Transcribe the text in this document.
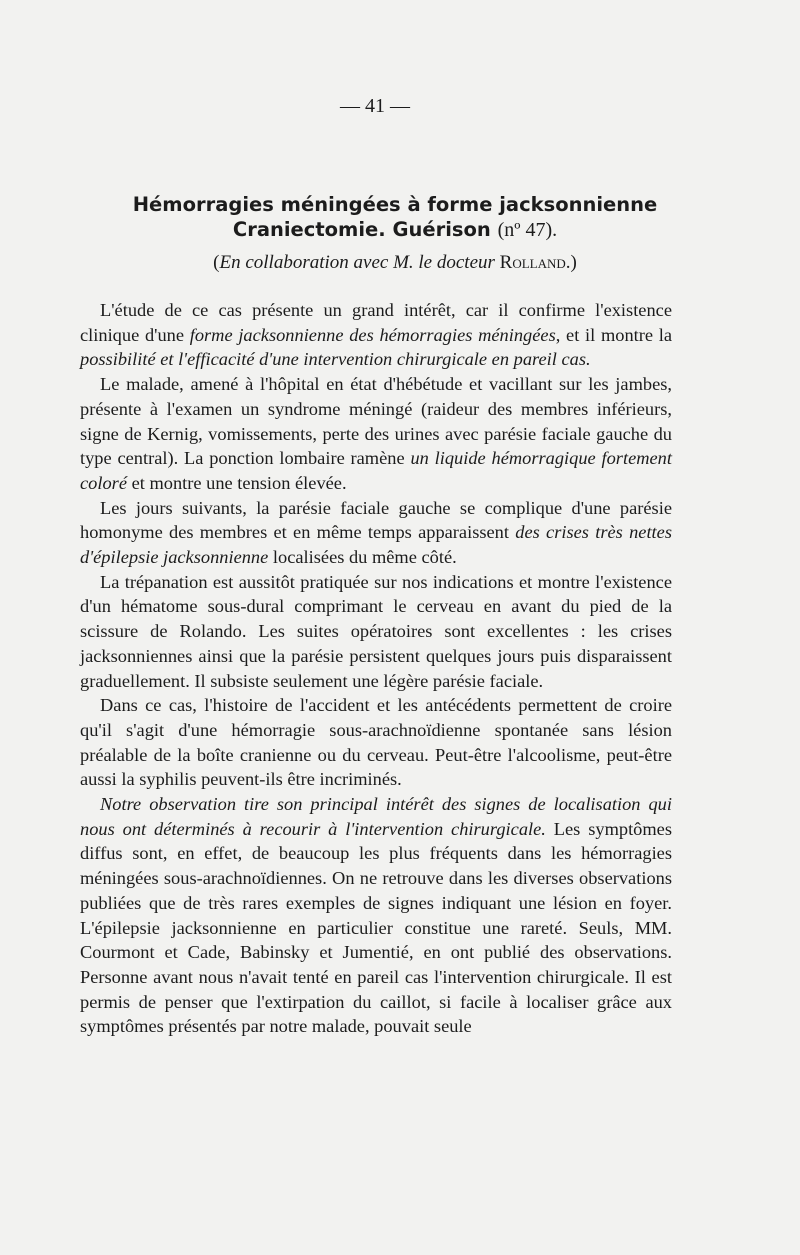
— 41 —
Hémorragies méningées à forme jacksonnienne
Craniectomie. Guérison (nº 47).
(En collaboration avec M. le docteur Rolland.)

L'étude de ce cas présente un grand intérêt, car il confirme l'existence clinique d'une forme jacksonnienne des hémorragies méningées, et il montre la possibilité et l'efficacité d'une intervention chirurgicale en pareil cas.

Le malade, amené à l'hôpital en état d'hébétude et vacillant sur les jambes, présente à l'examen un syndrome méningé (raideur des membres inférieurs, signe de Kernig, vomissements, perte des urines avec parésie faciale gauche du type central). La ponction lombaire ramène un liquide hémorragique fortement coloré et montre une tension élevée.

Les jours suivants, la parésie faciale gauche se complique d'une parésie homonyme des membres et en même temps apparaissent des crises très nettes d'épilepsie jacksonnienne localisées du même côté.

La trépanation est aussitôt pratiquée sur nos indications et montre l'existence d'un hématome sous-dural comprimant le cerveau en avant du pied de la scissure de Rolando. Les suites opératoires sont excellentes : les crises jacksonniennes ainsi que la parésie persistent quelques jours puis disparaissent graduellement. Il subsiste seulement une légère parésie faciale.

Dans ce cas, l'histoire de l'accident et les antécédents permettent de croire qu'il s'agit d'une hémorragie sous-arachnoïdienne spontanée sans lésion préalable de la boîte cranienne ou du cerveau. Peut-être l'alcoolisme, peut-être aussi la syphilis peuvent-ils être incriminés.

Notre observation tire son principal intérêt des signes de localisation qui nous ont déterminés à recourir à l'intervention chirurgicale. Les symptômes diffus sont, en effet, de beaucoup les plus fréquents dans les hémorragies méningées sous-arachnoïdiennes. On ne retrouve dans les diverses observations publiées que de très rares exemples de signes indiquant une lésion en foyer. L'épilepsie jacksonnienne en particulier constitue une rareté. Seuls, MM. Courmont et Cade, Babinsky et Jumentié, en ont publié des observations. Personne avant nous n'avait tenté en pareil cas l'intervention chirurgicale. Il est permis de penser que l'extirpation du caillot, si facile à localiser grâce aux symptômes présentés par notre malade, pouvait seule
